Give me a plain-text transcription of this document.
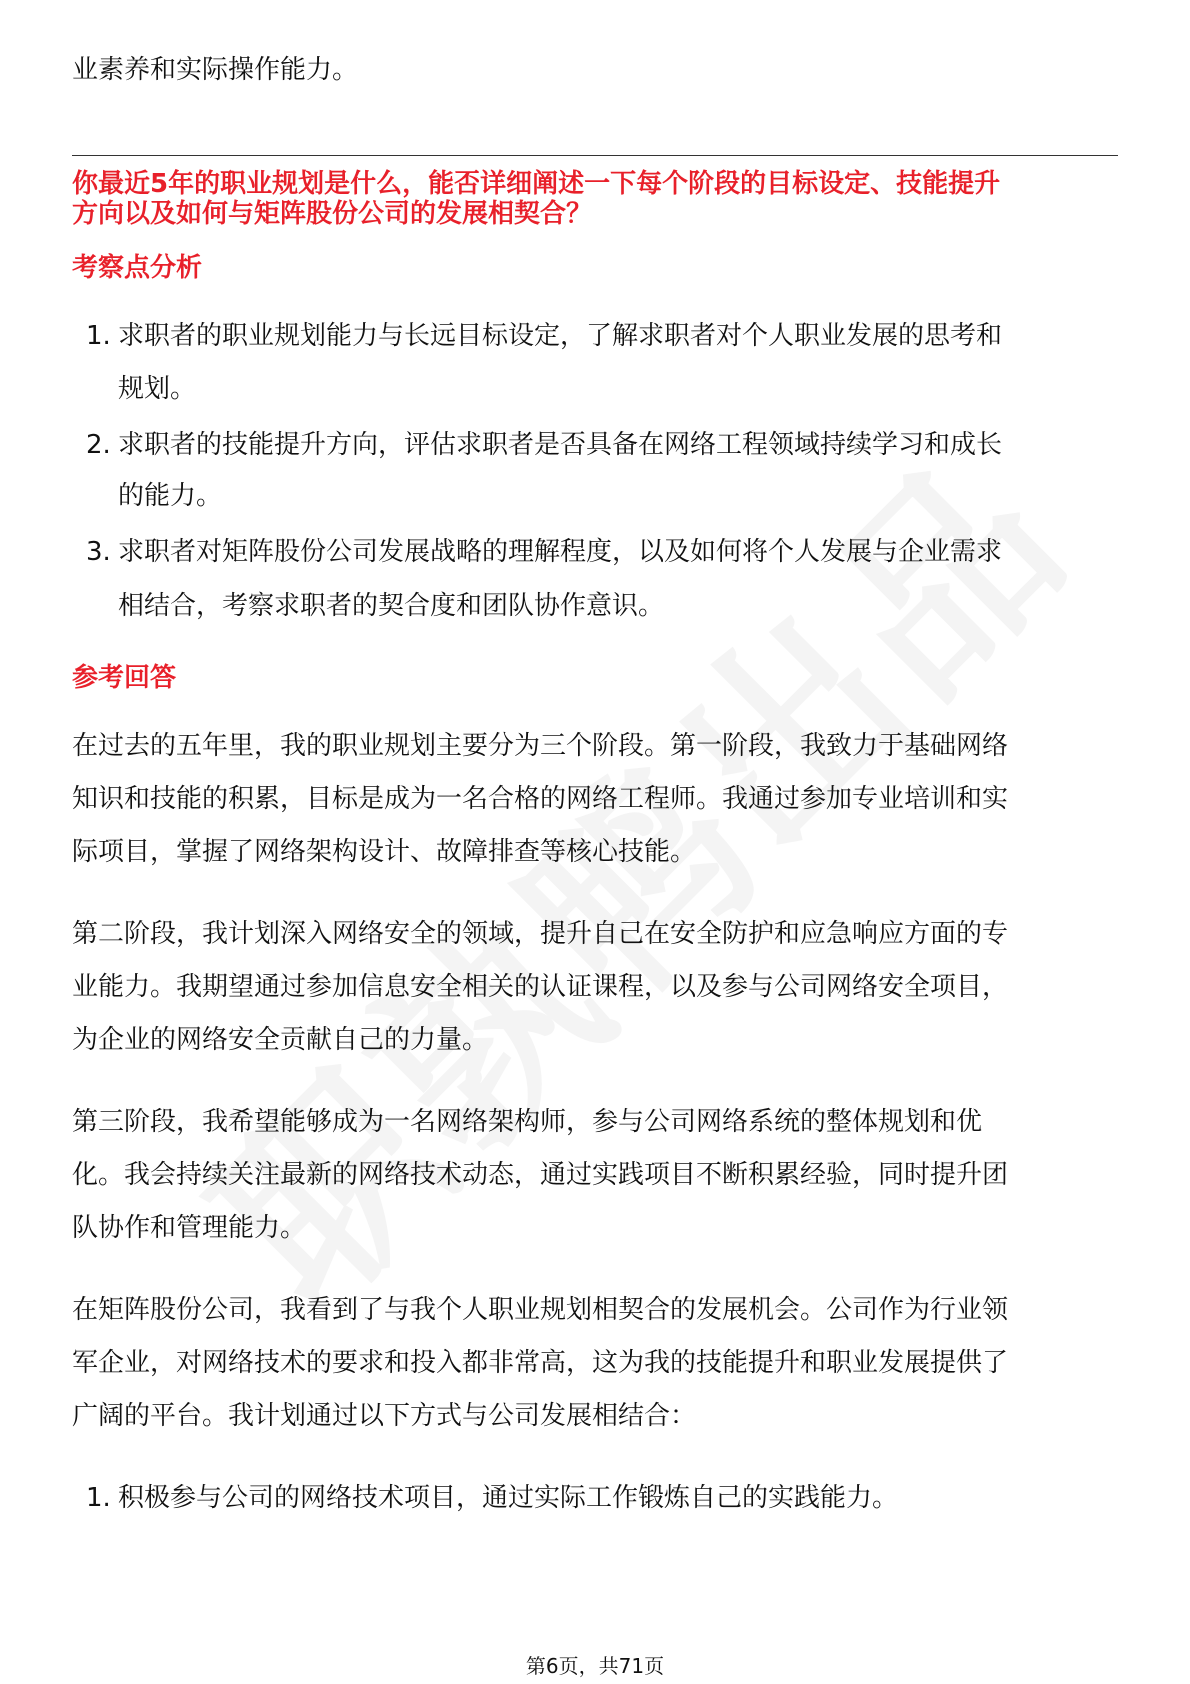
业素养和实际操作能力。
你最近5年的职业规划是什么，能否详细阐述一下每个阶段的目标设定、技能提升
方向以及如何与矩阵股份公司的发展相契合？
考察点分析
1. 求职者的职业规划能力与长远目标设定，了解求职者对个人职业发展的思考和
规划。
2. 求职者的技能提升方向，评估求职者是否具备在网络工程领域持续学习和成长
的能力。
3. 求职者对矩阵股份公司发展战略的理解程度，以及如何将个人发展与企业需求
相结合，考察求职者的契合度和团队协作意识。
参考回答
在过去的五年里，我的职业规划主要分为三个阶段。第一阶段，我致力于基础网络
知识和技能的积累，目标是成为一名合格的网络工程师。我通过参加专业培训和实
际项目，掌握了网络架构设计、故障排查等核心技能。
第二阶段，我计划深入网络安全的领域，提升自己在安全防护和应急响应方面的专
业能力。我期望通过参加信息安全相关的认证课程，以及参与公司网络安全项目，
为企业的网络安全贡献自己的力量。
第三阶段，我希望能够成为一名网络架构师，参与公司网络系统的整体规划和优
化。我会持续关注最新的网络技术动态，通过实践项目不断积累经验，同时提升团
队协作和管理能力。
在矩阵股份公司，我看到了与我个人职业规划相契合的发展机会。公司作为行业领
军企业，对网络技术的要求和投入都非常高，这为我的技能提升和职业发展提供了
广阔的平台。我计划通过以下方式与公司发展相结合：
1. 积极参与公司的网络技术项目，通过实际工作锻炼自己的实践能力。
第6页，共71页
